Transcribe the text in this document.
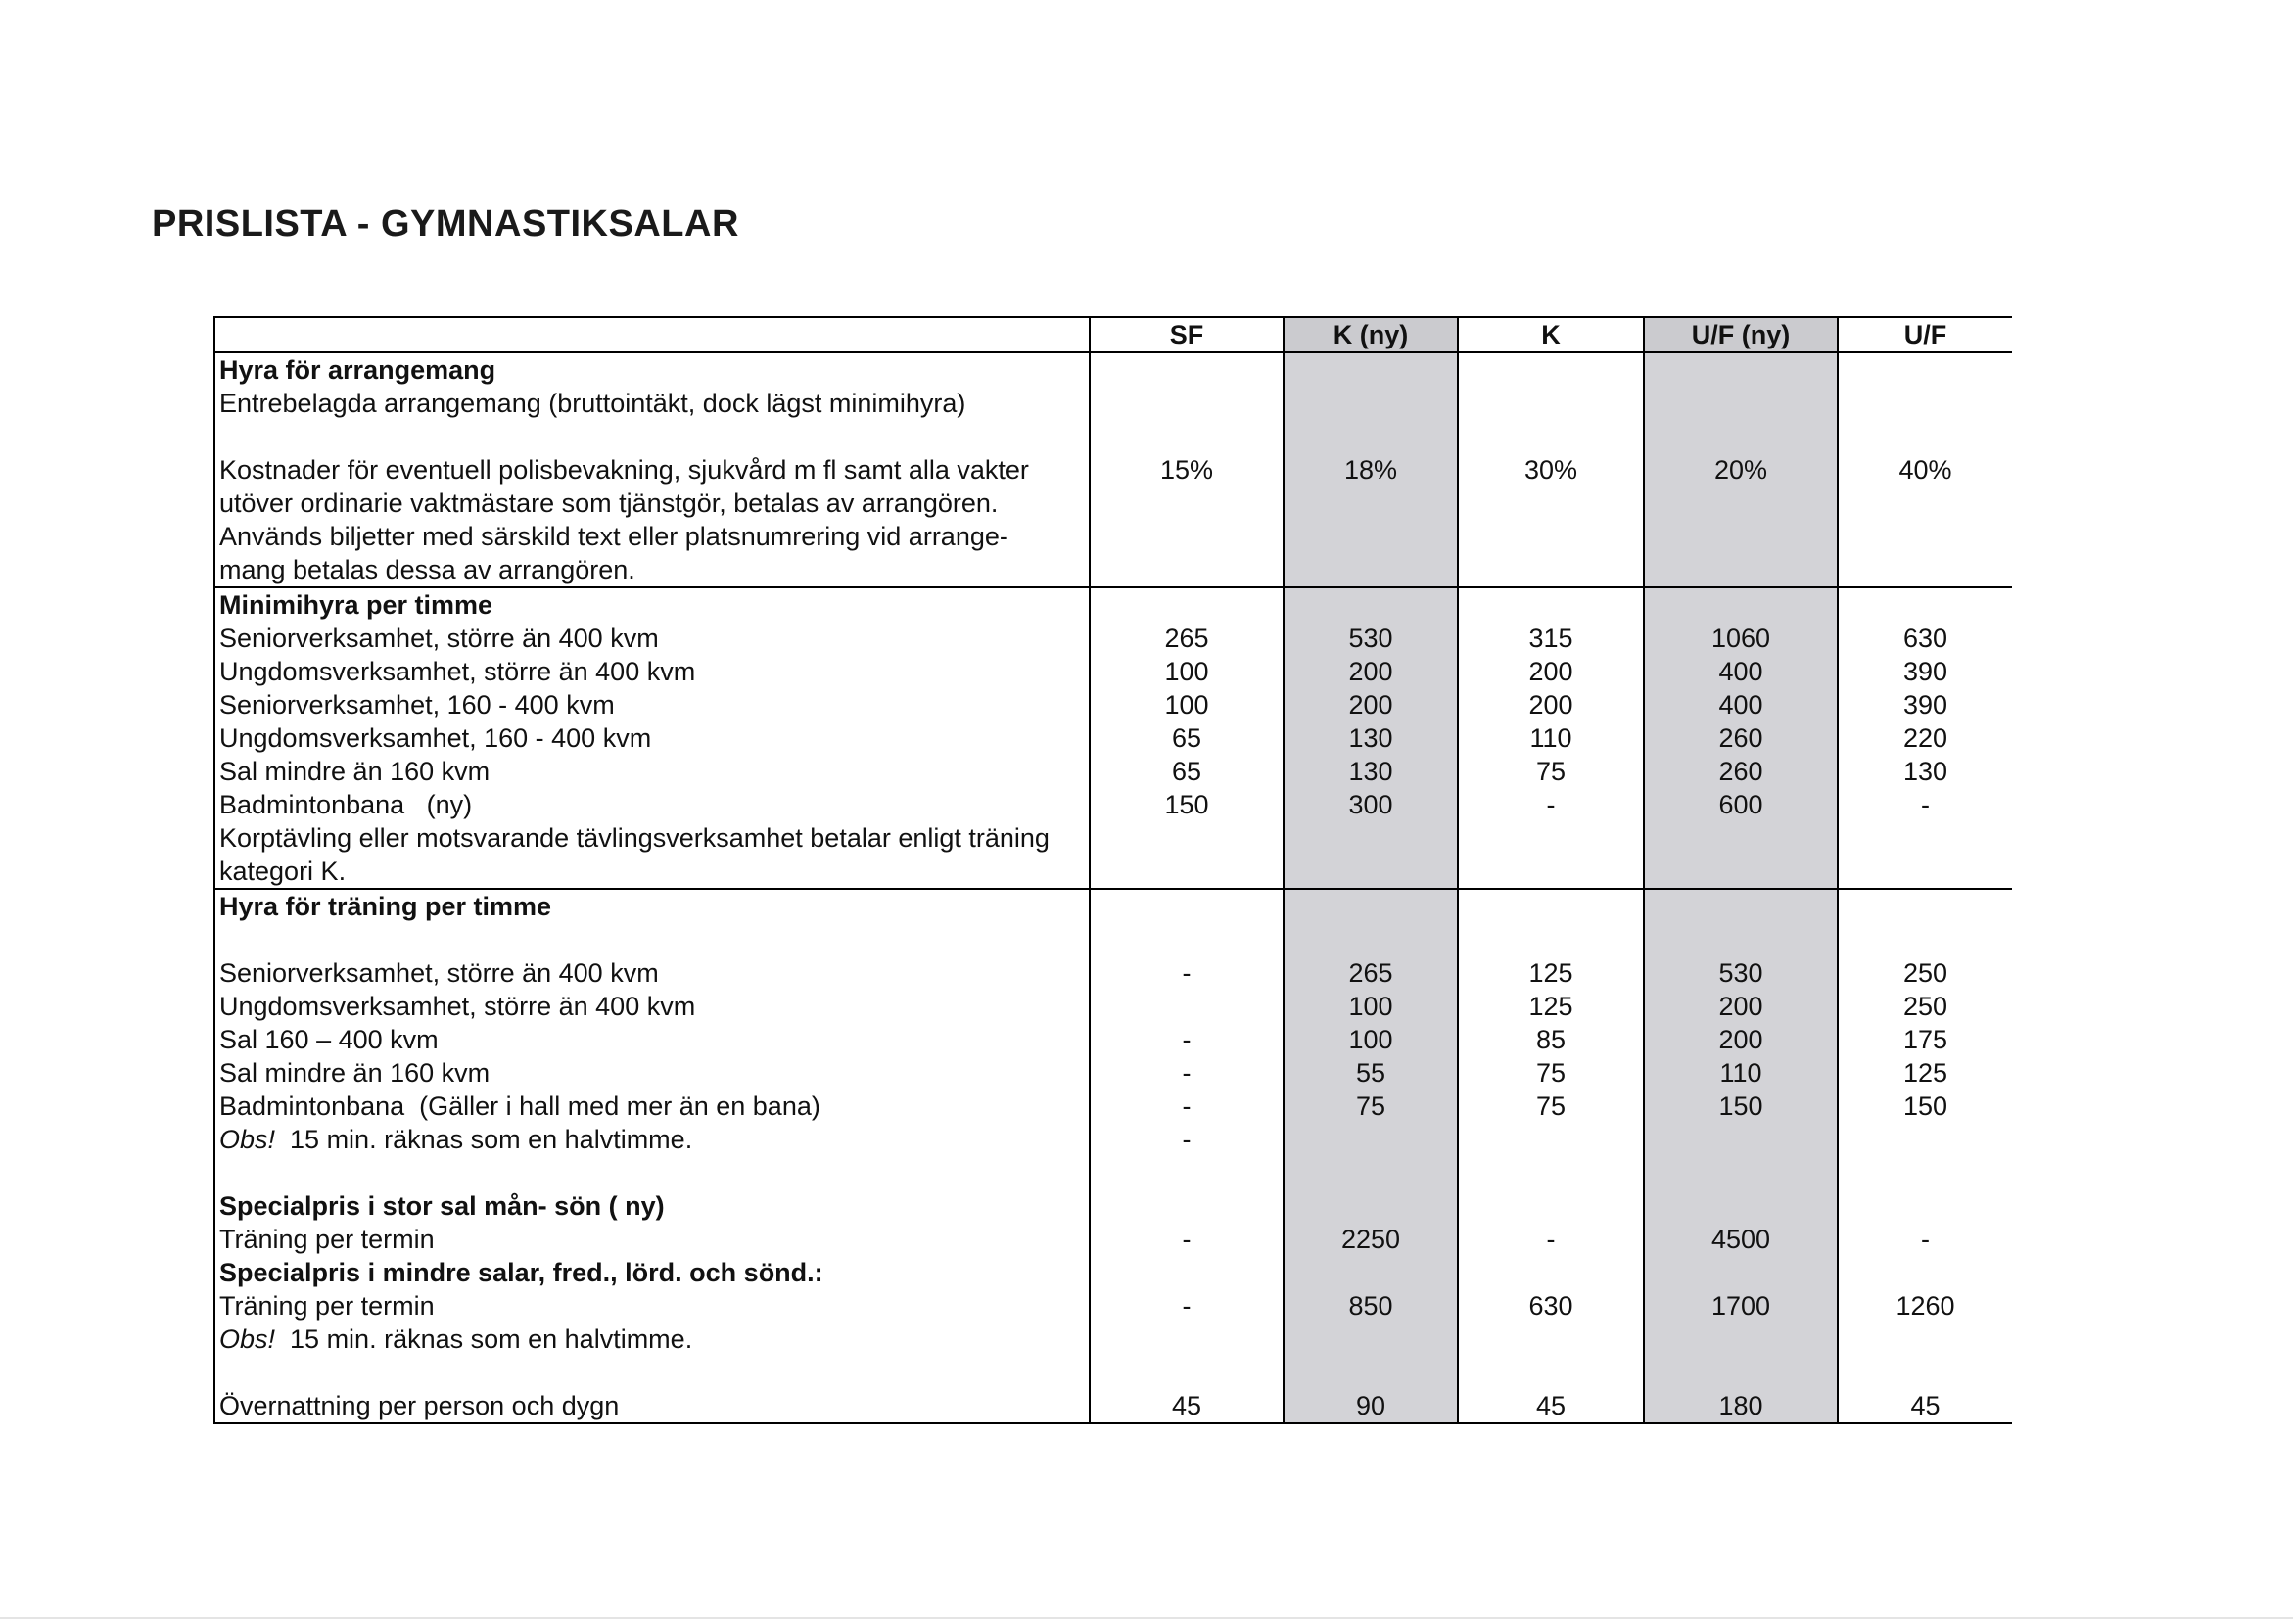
PRISLISTA - GYMNASTIKSALAR
	SF	K (ny)	K	U/F (ny)	U/F
Hyra för arrangemang					
Entrebelagda arrangemang (bruttointäkt, dock lägst minimihyra)					

Kostnader för eventuell polisbevakning, sjukvård m fl samt alla vakter	15%	18%	30%	20%	40%
utöver ordinarie vaktmästare som tjänstgör, betalas av arrangören.					
Används biljetter med särskild text eller platsnumrering vid arrange-					
mang betalas dessa av arrangören.					
Minimihyra per timme					
Seniorverksamhet, större än 400 kvm	265	530	315	1060	630
Ungdomsverksamhet, större än 400 kvm	100	200	200	400	390
Seniorverksamhet, 160 - 400 kvm	100	200	200	400	390
Ungdomsverksamhet, 160 - 400 kvm	65	130	110	260	220
Sal mindre än 160 kvm	65	130	75	260	130
Badmintonbana   (ny)	150	300	-	600	-
Korptävling eller motsvarande tävlingsverksamhet betalar enligt träning					
kategori K.					
Hyra för träning per timme					

Seniorverksamhet, större än 400 kvm	-	265	125	530	250
Ungdomsverksamhet, större än 400 kvm		100	125	200	250
Sal 160 – 400 kvm	-	100	85	200	175
Sal mindre än 160 kvm	-	55	75	110	125
Badmintonbana  (Gäller i hall med mer än en bana)	-	75	75	150	150
Obs!  15 min. räknas som en halvtimme.	-				

Specialpris i stor sal mån- sön ( ny)					
Träning per termin	-	2250	-	4500	-
Specialpris i mindre salar, fred., lörd. och sönd.:					
Träning per termin	-	850	630	1700	1260
Obs!  15 min. räknas som en halvtimme.					

Övernattning per person och dygn	45	90	45	180	45
